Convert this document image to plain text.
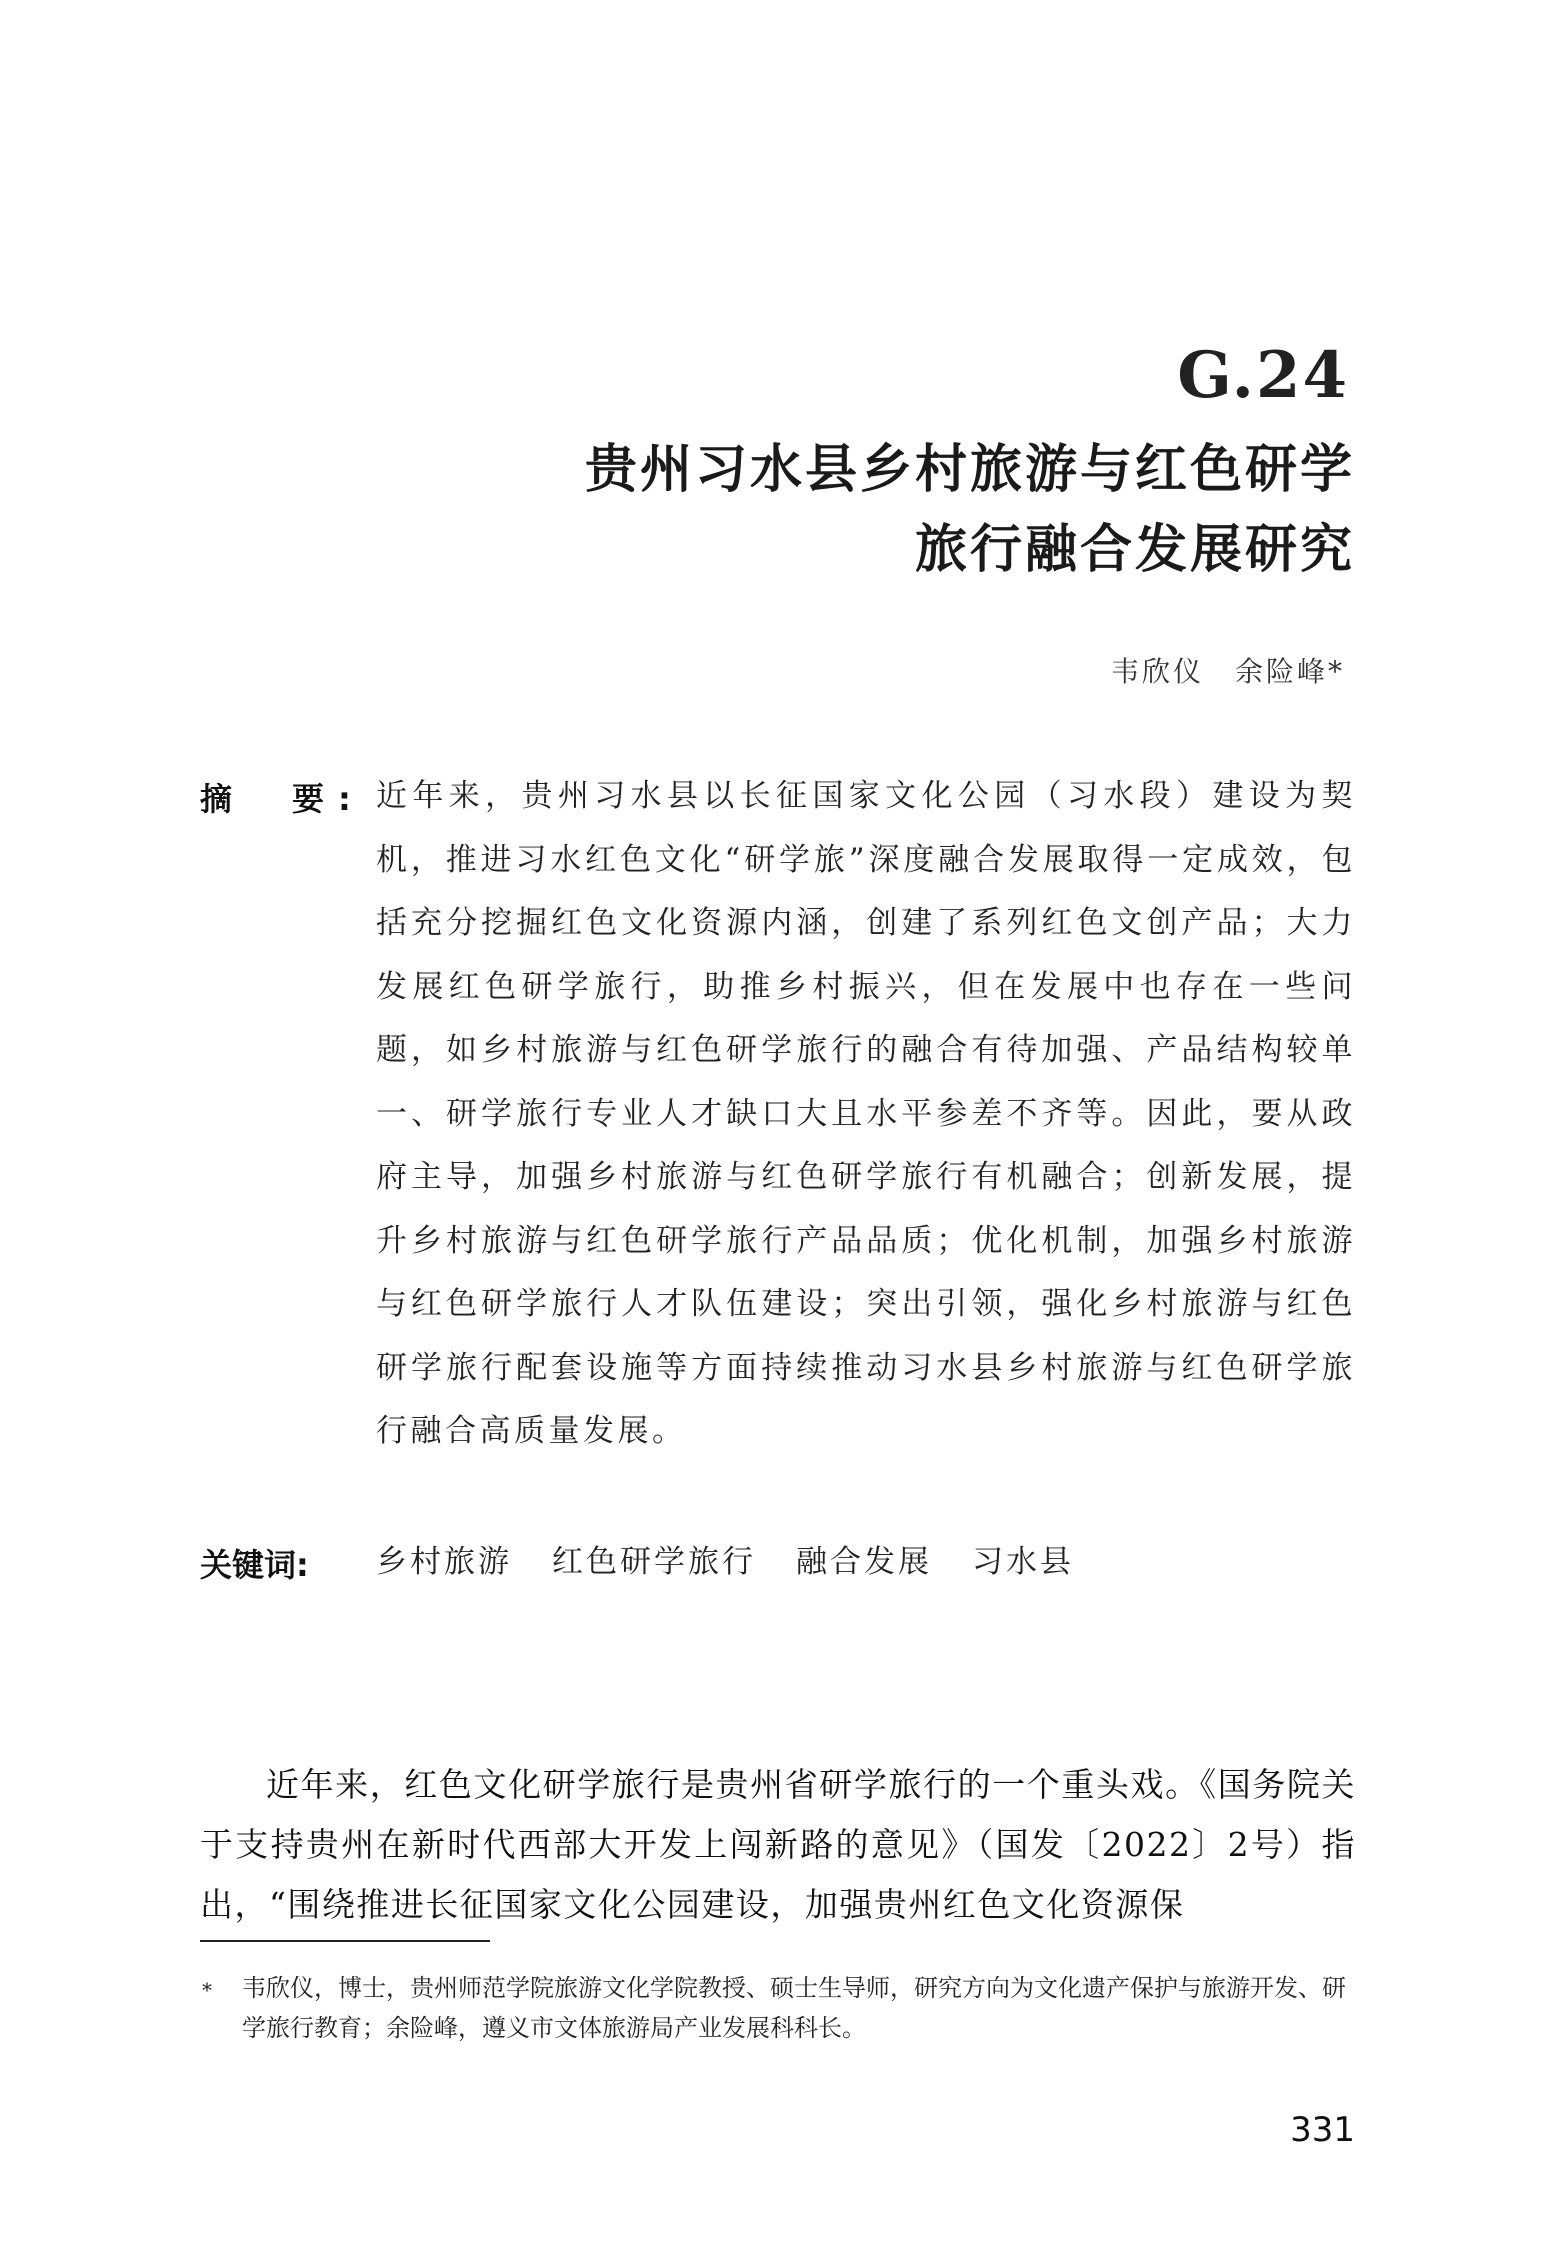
G.24
贵州习水县乡村旅游与红色研学
旅行融合发展研究
韦欣仪　余险峰*
摘　要: 近年来，贵州习水县以长征国家文化公园（习水段）建设为契机，推进习水红色文化“研学旅”深度融合发展取得一定成效，包括充分挖掘红色文化资源内涵，创建了系列红色文创产品；大力发展红色研学旅行，助推乡村振兴，但在发展中也存在一些问题，如乡村旅游与红色研学旅行的融合有待加强、产品结构较单一、研学旅行专业人才缺口大且水平参差不齐等。因此，要从政府主导，加强乡村旅游与红色研学旅行有机融合；创新发展，提升乡村旅游与红色研学旅行产品品质；优化机制，加强乡村旅游与红色研学旅行人才队伍建设；突出引领，强化乡村旅游与红色研学旅行配套设施等方面持续推动习水县乡村旅游与红色研学旅行融合高质量发展。
关键词: 乡村旅游 红色研学旅行 融合发展 习水县

近年来，红色文化研学旅行是贵州省研学旅行的一个重头戏。《国务院关于支持贵州在新时代西部大开发上闯新路的意见》（国发〔2022〕2号）指出，“围绕推进长征国家文化公园建设，加强贵州红色文化资源保

* 韦欣仪，博士，贵州师范学院旅游文化学院教授、硕士生导师，研究方向为文化遗产保护与旅游开发、研学旅行教育；余险峰，遵义市文体旅游局产业发展科科长。
331
